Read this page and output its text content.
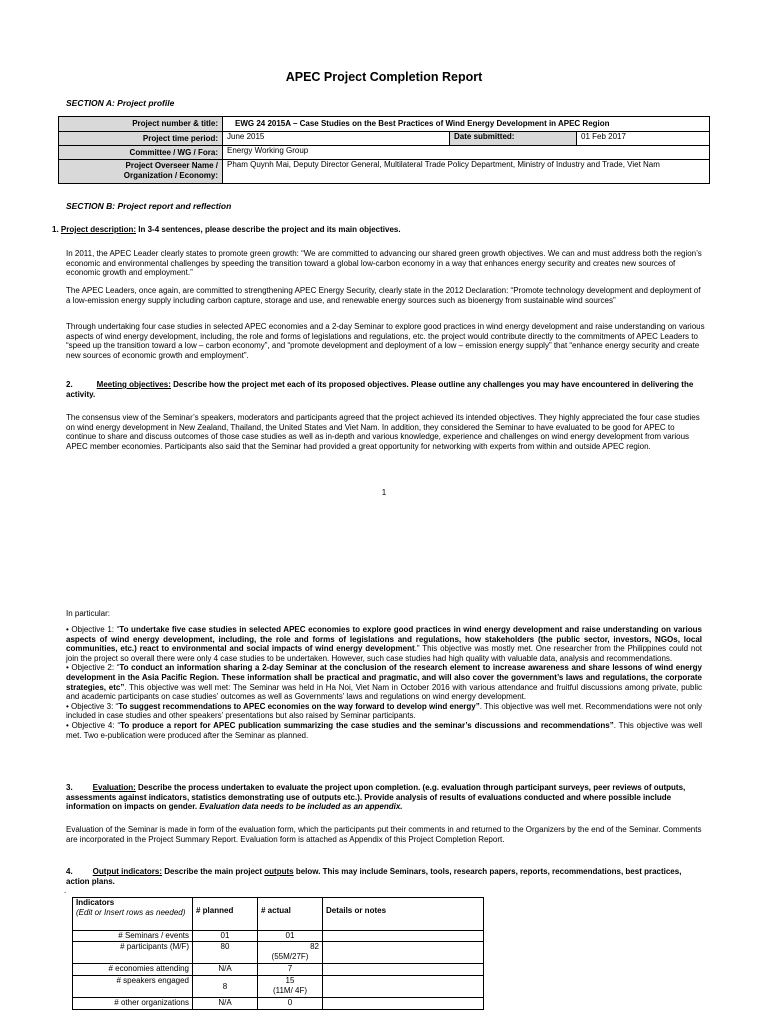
APEC Project Completion Report
SECTION A: Project profile
Project number & title:	EWG 24 2015A – Case Studies on the Best Practices of Wind Energy Development in APEC Region		
Project time period:	June 2015	Date submitted:	01 Feb 2017
Committee / WG / Fora:	Energy Working Group		

Project Overseer Name /
Organization / Economy:	Pham Quynh Mai, Deputy Director General, Multilateral Trade Policy Department, Ministry of Industry and Trade, Viet Nam		
SECTION B: Project report and reflection
1. Project description: In 3-4 sentences, please describe the project and its main objectives.
In 2011, the APEC Leader clearly states to promote green growth: “We are committed to advancing our shared green growth objectives. We can and must address both the region’s economic and environmental challenges by speeding the transition toward a global low-carbon economy in a way that enhances energy security and creates new sources of economic growth and employment.”
The APEC Leaders, once again, are committed to strengthening APEC Energy Security, clearly state in the 2012 Declaration: “Promote technology development and deployment of a low-emission energy supply including carbon capture, storage and use, and renewable energy sources such as bioenergy from sustainable wind sources”
Through undertaking four case studies in selected APEC economies and a 2-day Seminar to explore good practices in wind energy development and raise understanding on various aspects of wind energy development, including, the role and forms of legislations and regulations, etc. the project would contribute directly to the commitments of APEC Leaders to “speed up the transition toward a low – carbon economy”, and “promote development and deployment of a low – emission energy supply” that “enhance energy security and create new sources of economic growth and employment”.
2.	Meeting objectives: Describe how the project met each of its proposed objectives. Please outline any challenges you may have encountered in delivering the activity.
The consensus view of the Seminar’s speakers, moderators and participants agreed that the project achieved its intended objectives. They highly appreciated the four case studies on wind energy development in New Zealand, Thailand, the United States and Viet Nam. In addition, they considered the Seminar to have evaluated to be good for APEC to continue to share and discuss outcomes of those case studies as well as in-depth and various knowledge, experience and challenges on wind energy development from various APEC member economies. Participants also said that the Seminar had provided a great opportunity for networking with experts from within and outside APEC region.
1
In particular:
• Objective 1: “To undertake five case studies in selected APEC economies to explore good practices in wind energy development and raise understanding on various aspects of wind energy development, including, the role and forms of legislations and regulations, how stakeholders (the public sector, investors, NGOs, local communities, etc.) react to environmental and social impacts of wind energy development.” This objective was mostly met. One researcher from the Philippines could not join the project so overall there were only 4 case studies to be undertaken. However, such case studies had high quality with valuable data, analysis and recommendations.
• Objective 2: “To conduct an information sharing a 2-day Seminar at the conclusion of the research element to increase awareness and share lessons of wind energy development in the Asia Pacific Region. These information shall be practical and pragmatic, and will also cover the government’s laws and regulations, the corporate strategies, etc”. This objective was well met: The Seminar was held in Ha Noi, Viet Nam in October 2016 with various attendance and fruitful discussions among private, public and academic participants on case studies’ outcomes as well as Governments’ laws and regulations on wind energy development.
• Objective 3: “To suggest recommendations to APEC economies on the way forward to develop wind energy”. This objective was well met. Recommendations were not only included in case studies and other speakers’ presentations but also raised by Seminar participants.
• Objective 4: “To produce a report for APEC publication summarizing the case studies and the seminar’s discussions and recommendations”. This objective was well met. Two e-publication were produced after the Seminar as planned.
3.	Evaluation: Describe the process undertaken to evaluate the project upon completion. (e.g. evaluation through participant surveys, peer reviews of outputs, assessments against indicators, statistics demonstrating use of outputs etc.). Provide analysis of results of evaluations conducted and where possible include information on impacts on gender. Evaluation data needs to be included as an appendix.
Evaluation of the Seminar is made in form of the evaluation form, which the participants put their comments in and returned to the Organizers by the end of the Seminar. Comments are incorporated in the Project Summary Report. Evaluation form is attached as Appendix of this Project Completion Report.
4.	Output indicators: Describe the main project outputs below. This may include Seminars, tools, research papers, reports, recommendations, best practices, action plans.
.
Indicators
(Edit or Insert rows as needed)	# planned	# actual	Details or notes
# Seminars / events	01	01	

# participants (M/F)	80	82
(55M/27F)	

# economies attending	N/A	7	

# speakers engaged	8	15
(11M/ 4F)	

# other organizations	N/A	0	
